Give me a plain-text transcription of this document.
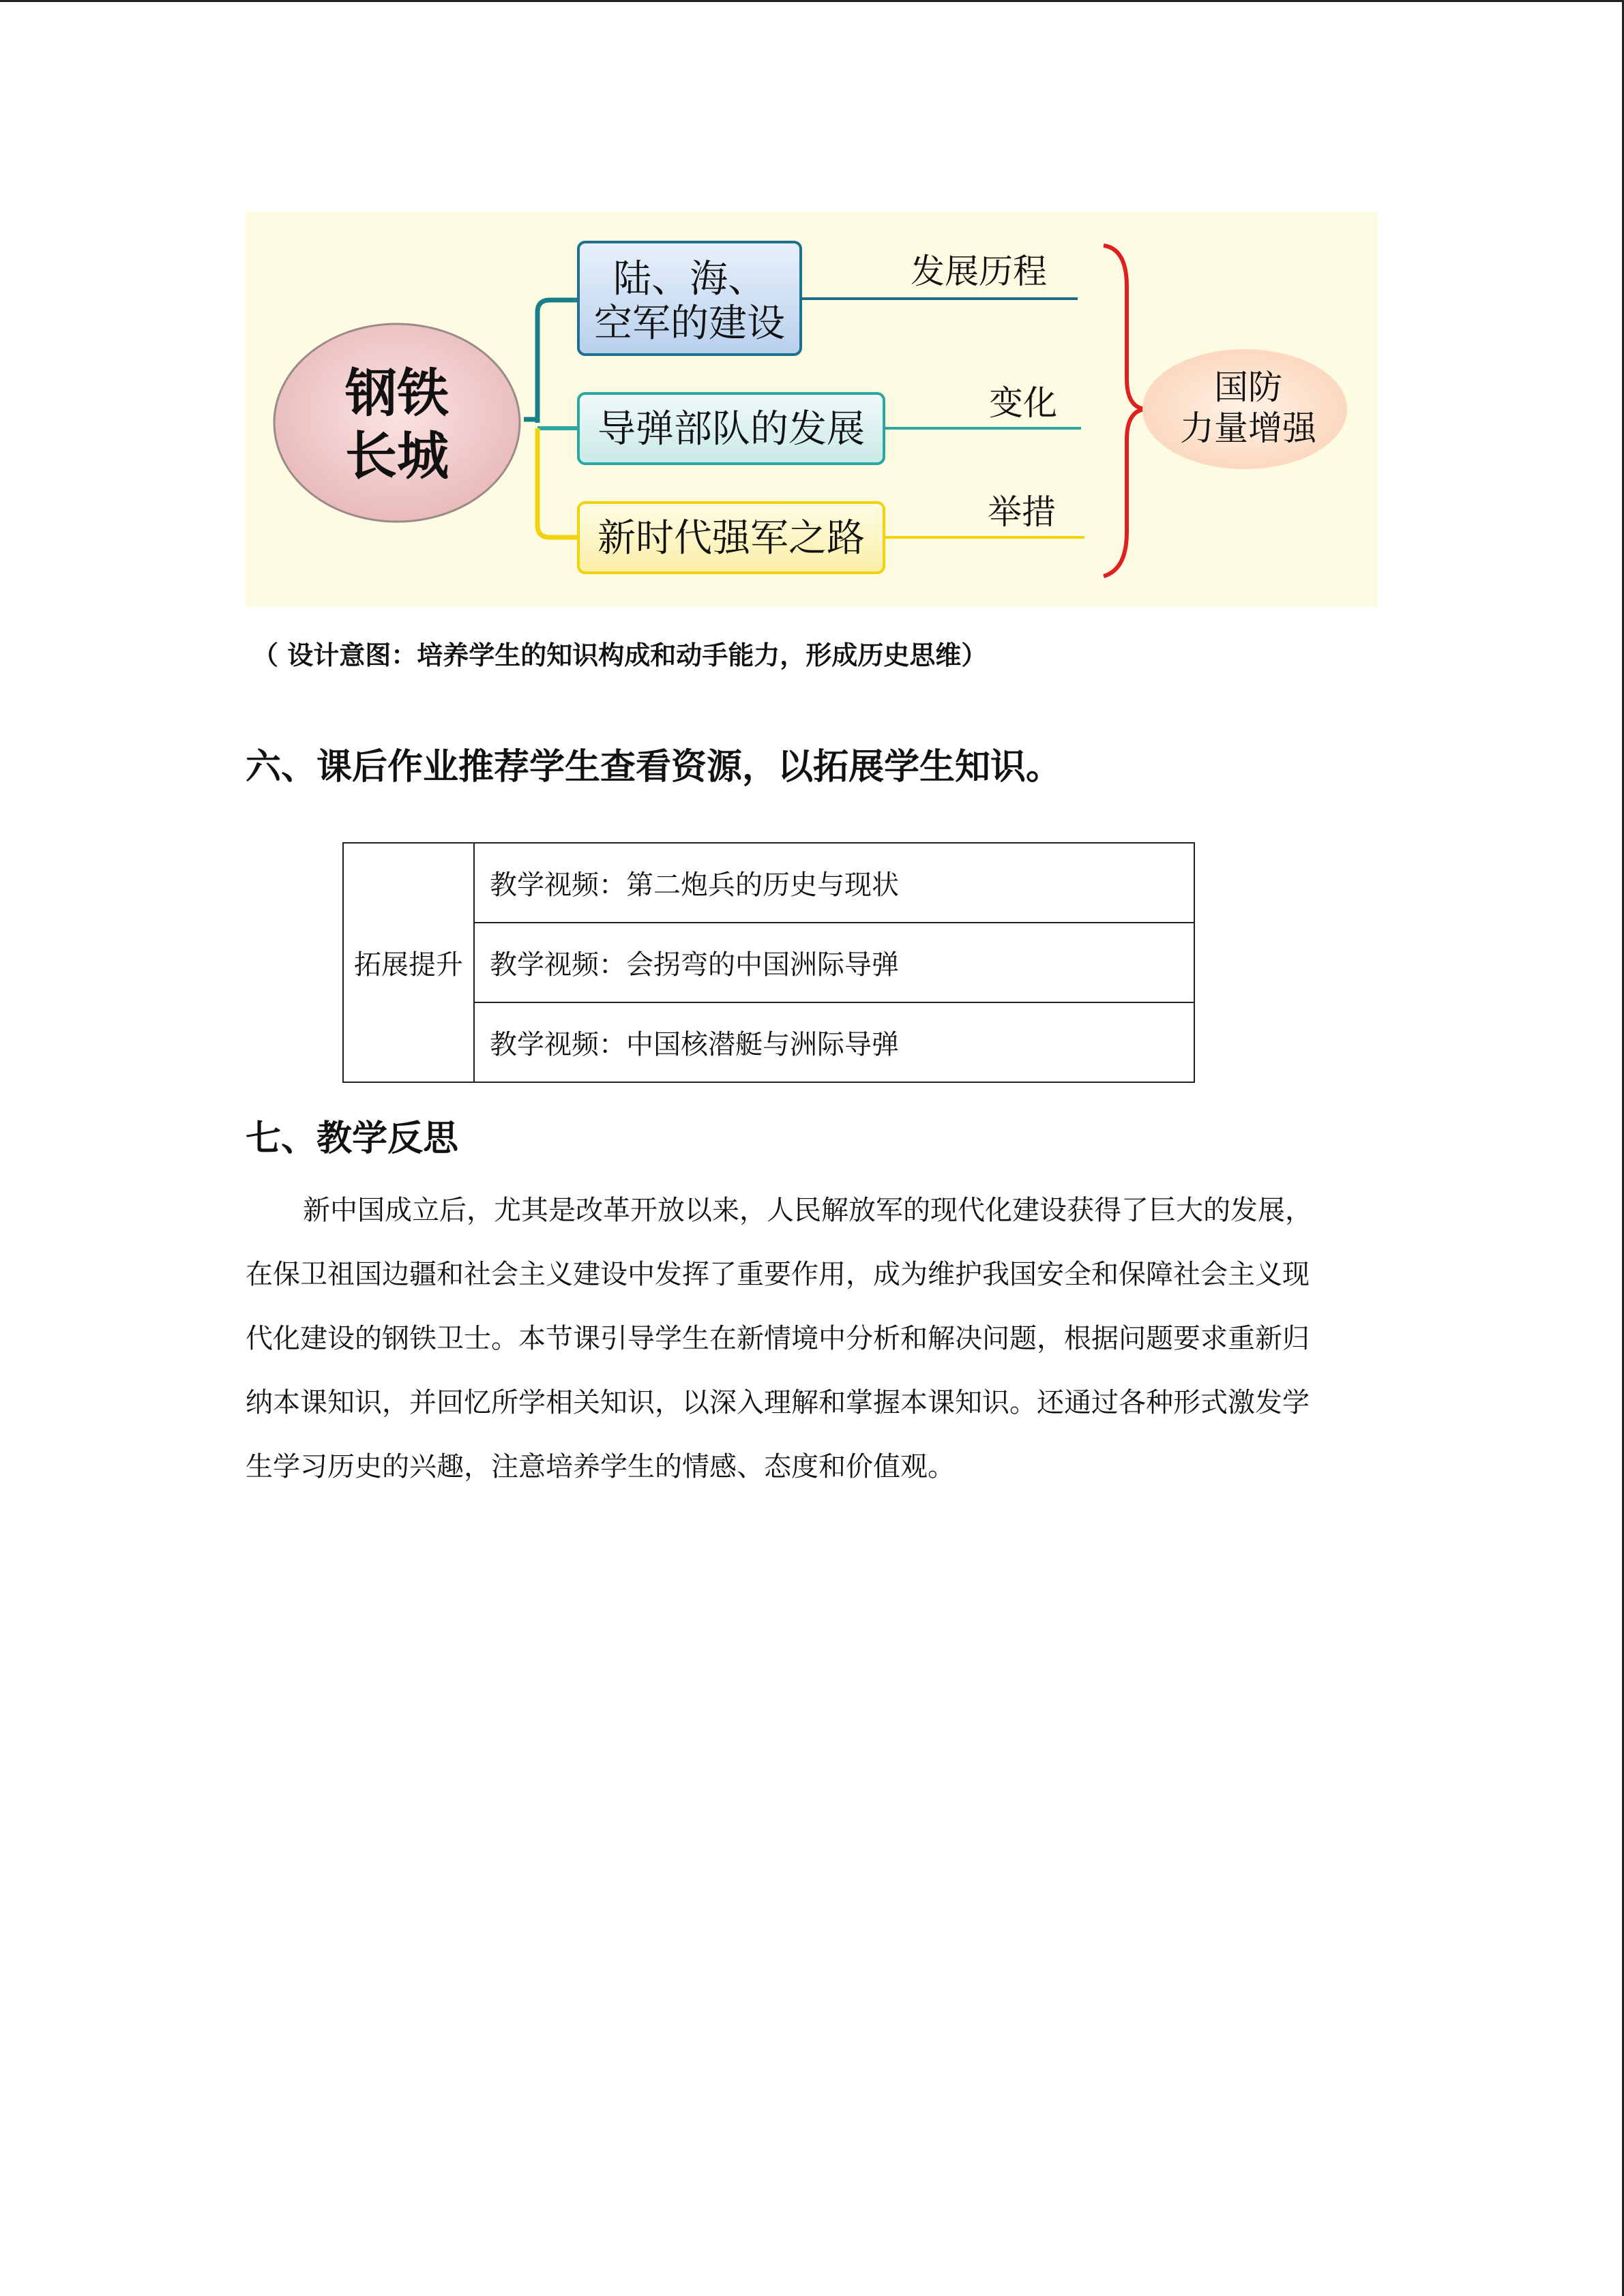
钢铁
长城
陆、海、
空军的建设
导弹部队的发展
新时代强军之路
发展历程
变化
举措
国防
力量增强
（ 设计意图：培养学生的知识构成和动手能力，形成历史思维）
六、课后作业推荐学生查看资源，以拓展学生知识。
拓展提升	教学视频：第二炮兵的历史与现状
教学视频：会拐弯的中国洲际导弹
教学视频：中国核潜艇与洲际导弹
七、教学反思

新中国成立后，尤其是改革开放以来，人民解放军的现代化建设获得了巨大的发展，
在保卫祖国边疆和社会主义建设中发挥了重要作用，成为维护我国安全和保障社会主义现
代化建设的钢铁卫士。本节课引导学生在新情境中分析和解决问题，根据问题要求重新归
纳本课知识，并回忆所学相关知识，以深入理解和掌握本课知识。还通过各种形式激发学
生学习历史的兴趣，注意培养学生的情感、态度和价值观。
